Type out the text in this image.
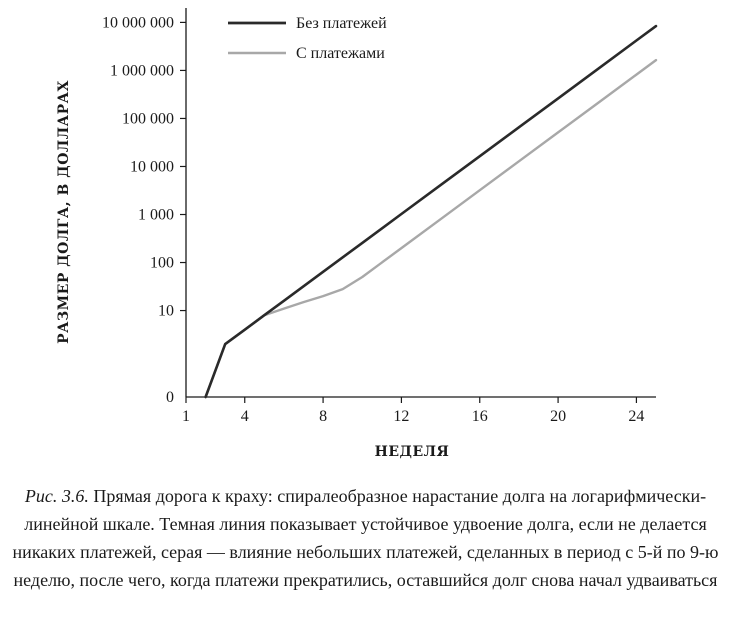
0
10
100
1 000
10 000
100 000
1 000 000
10 000 000
1	4	8	12	16	20	24
Без платежей
С платежами
НЕДЕЛЯ
РАЗМЕР ДОЛГА, В ДОЛЛАРАХ
Рис. 3.6. Прямая дорога к краху: спиралеобразное нарастание долга на логарифмически-линейной шкале. Темная линия показывает устойчивое удвоение долга, если не делается никаких платежей, серая — влияние небольших платежей, сделанных в период с 5-й по 9-ю неделю, после чего, когда платежи прекратились, оставшийся долг снова начал удваиваться
